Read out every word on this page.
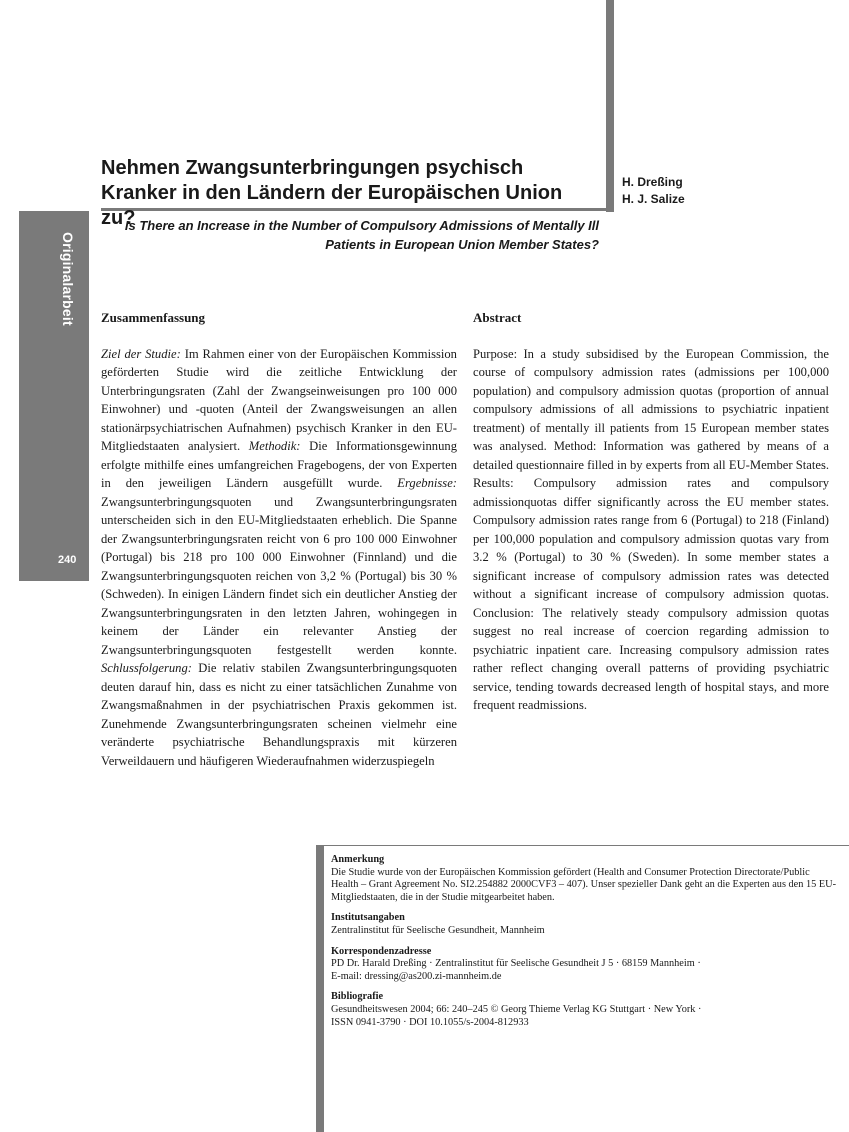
Originalarbeit
240
Nehmen Zwangsunterbringungen psychisch Kranker in den Ländern der Europäischen Union zu?
H. Dreßing
H. J. Salize
Is There an Increase in the Number of Compulsory Admissions of Mentally Ill Patients in European Union Member States?
Zusammenfassung

Ziel der Studie: Im Rahmen einer von der Europäischen Kommission geförderten Studie wird die zeitliche Entwicklung der Unterbringungsraten (Zahl der Zwangseinweisungen pro 100 000 Einwohner) und -quoten (Anteil der Zwangsweisungen an allen stationärpsychiatrischen Aufnahmen) psychisch Kranker in den EU-Mitgliedstaaten analysiert. Methodik: Die Informationsgewinnung erfolgte mithilfe eines umfangreichen Fragebogens, der von Experten in den jeweiligen Ländern ausgefüllt wurde. Ergebnisse: Zwangsunterbringungsquoten und Zwangsunterbringungsraten unterscheiden sich in den EU-Mitgliedstaaten erheblich. Die Spanne der Zwangsunterbringungsraten reicht von 6 pro 100 000 Einwohner (Portugal) bis 218 pro 100 000 Einwohner (Finnland) und die Zwangsunterbringungsquoten reichen von 3,2 % (Portugal) bis 30 % (Schweden). In einigen Ländern findet sich ein deutlicher Anstieg der Zwangsunterbringungsraten in den letzten Jahren, wohingegen in keinem der Länder ein relevanter Anstieg der Zwangsunterbringungsquoten festgestellt werden konnte. Schlussfolgerung: Die relativ stabilen Zwangsunterbringungsquoten deuten darauf hin, dass es nicht zu einer tatsächlichen Zunahme von Zwangsmaßnahmen in der psychiatrischen Praxis gekommen ist. Zunehmende Zwangsunterbringungsraten scheinen vielmehr eine veränderte psychiatrische Behandlungspraxis mit kürzeren Verweildauern und häufigeren Wiederaufnahmen widerzuspiegeln

Abstract

Purpose: In a study subsidised by the European Commission, the course of compulsory admission rates (admissions per 100,000 population) and compulsory admission quotas (proportion of annual compulsory admissions of all admissions to psychiatric inpatient treatment) of mentally ill patients from 15 European member states was analysed. Method: Information was gathered by means of a detailed questionnaire filled in by experts from all EU-Member States. Results: Compulsory admission rates and compulsory admissionquotas differ significantly across the EU member states. Compulsory admission rates range from 6 (Portugal) to 218 (Finland) per 100,000 population and compulsory admission quotas vary from 3.2 % (Portugal) to 30 % (Sweden). In some member states a significant increase of compulsory admission rates was detected without a significant increase of compulsory admission quotas. Conclusion: The relatively steady compulsory admission quotas suggest no real increase of coercion regarding admission to psychiatric inpatient care. Increasing compulsory admission rates rather reflect changing overall patterns of providing psychiatric service, tending towards decreased length of hospital stays, and more frequent readmissions.

Anmerkung
Die Studie wurde von der Europäischen Kommission gefördert (Health and Consumer Protection Directorate/Public Health – Grant Agreement No. SI2.254882 2000CVF3 – 407). Unser spezieller Dank geht an die Experten aus den 15 EU-Mitgliedstaaten, die in der Studie mitgearbeitet haben.
Institutsangaben
Zentralinstitut für Seelische Gesundheit, Mannheim
Korrespondenzadresse
PD Dr. Harald Dreßing · Zentralinstitut für Seelische Gesundheit J 5 · 68159 Mannheim ·
E-mail: dressing@as200.zi-mannheim.de
Bibliografie
Gesundheitswesen 2004; 66: 240–245 © Georg Thieme Verlag KG Stuttgart · New York ·
ISSN 0941-3790 · DOI 10.1055/s-2004-812933
